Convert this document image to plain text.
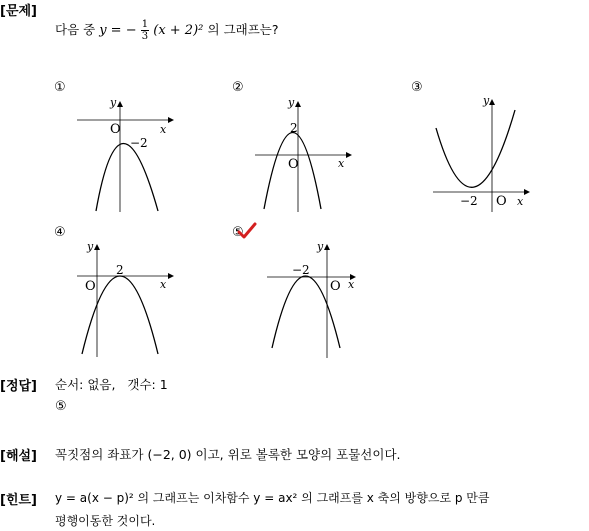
[문제]
다음 중 y = − $\frac{1}{3} (x + 2)^2$ 의 그래프는?
①	②	③
④	⑤
y
x
O
−2
y
x
O
2
y
x
O
−2
y
x
O
2
y
x
O
−2
[정답] 순서: 없음,   갯수: 1
⑤
[해설] 꼭짓점의 좌표가 (−2, 0) 이고, 위로 볼록한 모양의 포물선이다.
[힌트] y = a(x − p)² 의 그래프는 이차함수 y = ax² 의 그래프를 x 축의 방향으로 p 만큼
평행이동한 것이다.
